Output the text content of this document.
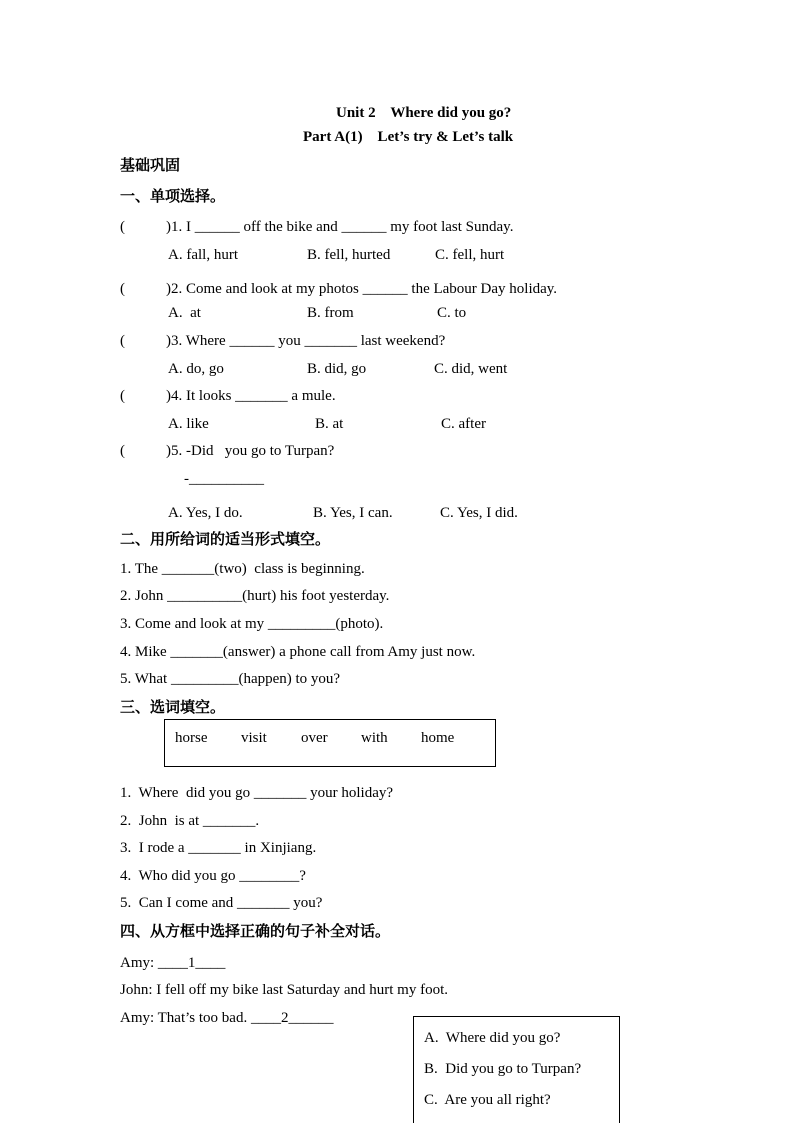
Unit 2    Where did you go?
Part A(1)    Let’s try & Let’s talk
基础巩固
一、单项选择。
(	)1. I ______ off the bike and ______ my foot last Sunday.
A. fall, hurt	B. fell, hurted	C. fell, hurt
(	)2. Come and look at my photos ______ the Labour Day holiday.
A.  at	B. from	C. to
(	)3. Where ______ you _______ last weekend?
A. do, go	B. did, go	C. did, went
(	)4. It looks _______ a mule.
A. like	B. at	C. after
(	)5. -Did   you go to Turpan?
-__________
A. Yes, I do.	B. Yes, I can.	C. Yes, I did.
二、用所给词的适当形式填空。
1. The _______(two)  class is beginning.
2. John __________(hurt) his foot yesterday.
3. Come and look at my _________(photo).
4. Mike _______(answer) a phone call from Amy just now.
5. What _________(happen) to you?
三、选词填空。
horse visit over with home
1.  Where  did you go _______ your holiday?
2.  John  is at _______.
3.  I rode a _______ in Xinjiang.
4.  Who did you go ________?
5.  Can I come and _______ you?
四、从方框中选择正确的句子补全对话。
Amy: ____1____
John: I fell off my bike last Saturday and hurt my foot.
Amy: That’s too bad. ____2______
A.  Where did you go?
B.  Did you go to Turpan?
C.  Are you all right?
